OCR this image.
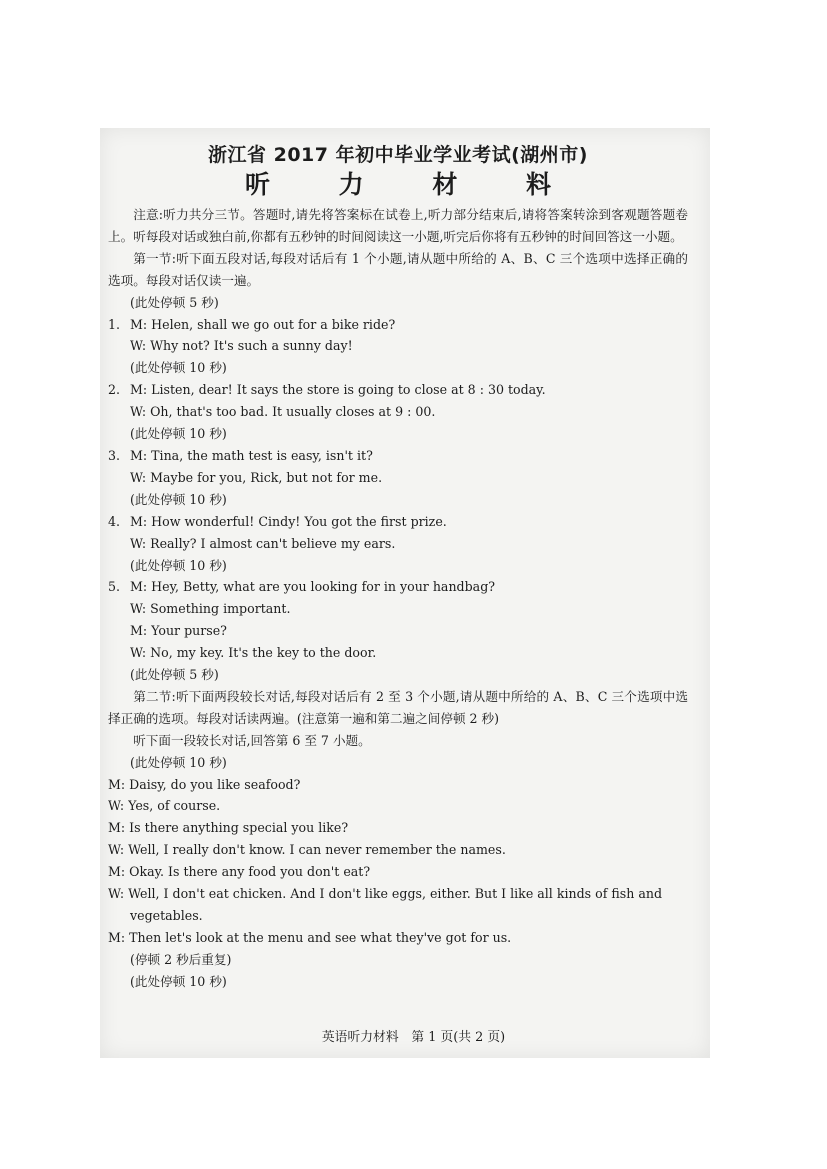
浙江省 2017 年初中毕业学业考试(湖州市)

听 力 材 料

注意:听力共分三节。答题时,请先将答案标在试卷上,听力部分结束后,请将答案转涂到客观题答题卷上。听每段对话或独白前,你都有五秒钟的时间阅读这一小题,听完后你将有五秒钟的时间回答这一小题。

第一节:听下面五段对话,每段对话后有 1 个小题,请从题中所给的 A、B、C 三个选项中选择正确的选项。每段对话仅读一遍。

(此处停顿 5 秒)

1. M: Helen, shall we go out for a bike ride?

W: Why not? It's such a sunny day!

(此处停顿 10 秒)

2. M: Listen, dear! It says the store is going to close at 8 : 30 today.

W: Oh, that's too bad. It usually closes at 9 : 00.

(此处停顿 10 秒)

3. M: Tina, the math test is easy, isn't it?

W: Maybe for you, Rick, but not for me.

(此处停顿 10 秒)

4. M: How wonderful! Cindy! You got the first prize.

W: Really? I almost can't believe my ears.

(此处停顿 10 秒)

5. M: Hey, Betty, what are you looking for in your handbag?

W: Something important.

M: Your purse?

W: No, my key. It's the key to the door.

(此处停顿 5 秒)

第二节:听下面两段较长对话,每段对话后有 2 至 3 个小题,请从题中所给的 A、B、C 三个选项中选择正确的选项。每段对话读两遍。(注意第一遍和第二遍之间停顿 2 秒)

听下面一段较长对话,回答第 6 至 7 小题。

(此处停顿 10 秒)

M: Daisy, do you like seafood?

W: Yes, of course.

M: Is there anything special you like?

W: Well, I really don't know. I can never remember the names.

M: Okay. Is there any food you don't eat?

W: Well, I don't eat chicken. And I don't like eggs, either. But I like all kinds of fish and

vegetables.

M: Then let's look at the menu and see what they've got for us.

(停顿 2 秒后重复)

(此处停顿 10 秒)

英语听力材料　第 1 页(共 2 页)
